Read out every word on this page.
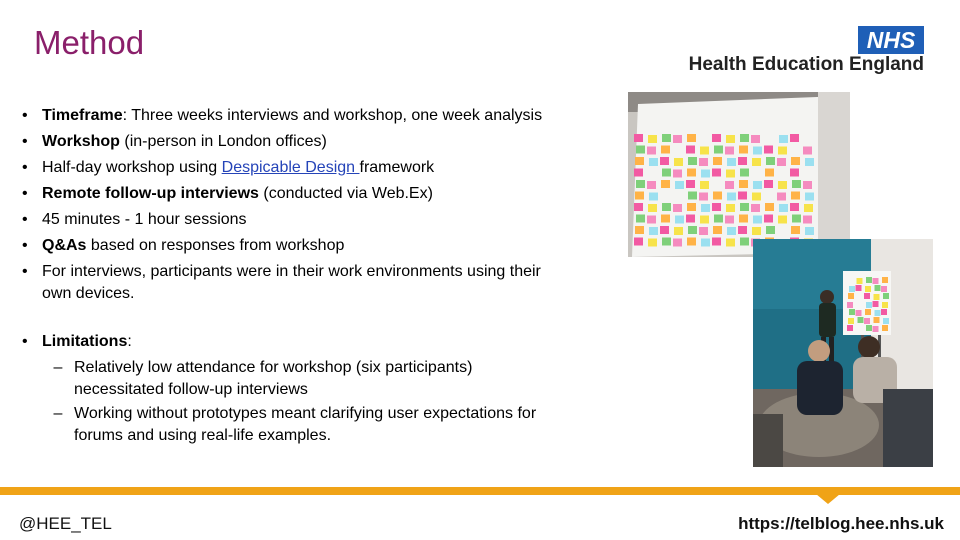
Method	NHS
Health Education England
• Timeframe: Three weeks interviews and workshop, one week analysis
• Workshop (in-person in London offices)
• Half-day workshop using Despicable Design framework
• Remote follow-up interviews (conducted via Web.Ex)
• 45 minutes - 1 hour sessions
• Q&As based on responses from workshop
• For interviews, participants were in their work environments using their
own devices.
• Limitations:
– Relatively low attendance for workshop (six participants)
necessitated follow-up interviews
– Working without prototypes meant clarifying user expectations for
forums and using real-life examples.
@HEE_TEL	https://telblog.hee.nhs.uk
